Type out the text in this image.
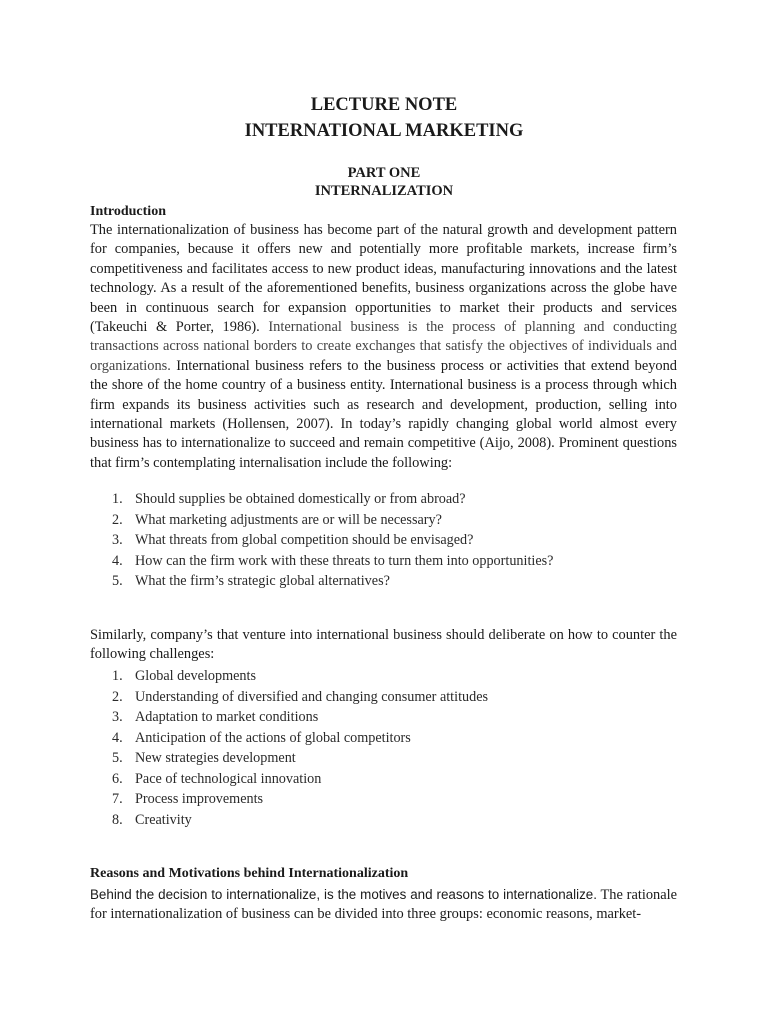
LECTURE NOTE
INTERNATIONAL MARKETING
PART ONE
INTERNALIZATION
Introduction

The internationalization of business has become part of the natural growth and development pattern for companies, because it offers new and potentially more profitable markets, increase firm’s competitiveness and facilitates access to new product ideas, manufacturing innovations and the latest technology. As a result of the aforementioned benefits, business organizations across the globe have been in continuous search for expansion opportunities to market their products and services (Takeuchi & Porter, 1986). International business is the process of planning and conducting transactions across national borders to create exchanges that satisfy the objectives of individuals and organizations. International business refers to the business process or activities that extend beyond the shore of the home country of a business entity. International business is a process through which firm expands its business activities such as research and development, production, selling into international markets (Hollensen, 2007). In today’s rapidly changing global world almost every business has to internationalize to succeed and remain competitive (Aijo, 2008). Prominent questions that firm’s contemplating internalisation include the following:

1. Should supplies be obtained domestically or from abroad?
2. What marketing adjustments are or will be necessary?
3. What threats from global competition should be envisaged?
4. How can the firm work with these threats to turn them into opportunities?
5. What the firm’s strategic global alternatives?

Similarly, company’s that venture into international business should deliberate on how to counter the following challenges:

1. Global developments
2. Understanding of diversified and changing consumer attitudes
3. Adaptation to market conditions
4. Anticipation of the actions of global competitors
5. New strategies development
6. Pace of technological innovation
7. Process improvements
8. Creativity
Reasons and Motivations behind Internationalization

Behind the decision to internationalize, is the motives and reasons to internationalize. The rationale for internationalization of business can be divided into three groups: economic reasons, market-
